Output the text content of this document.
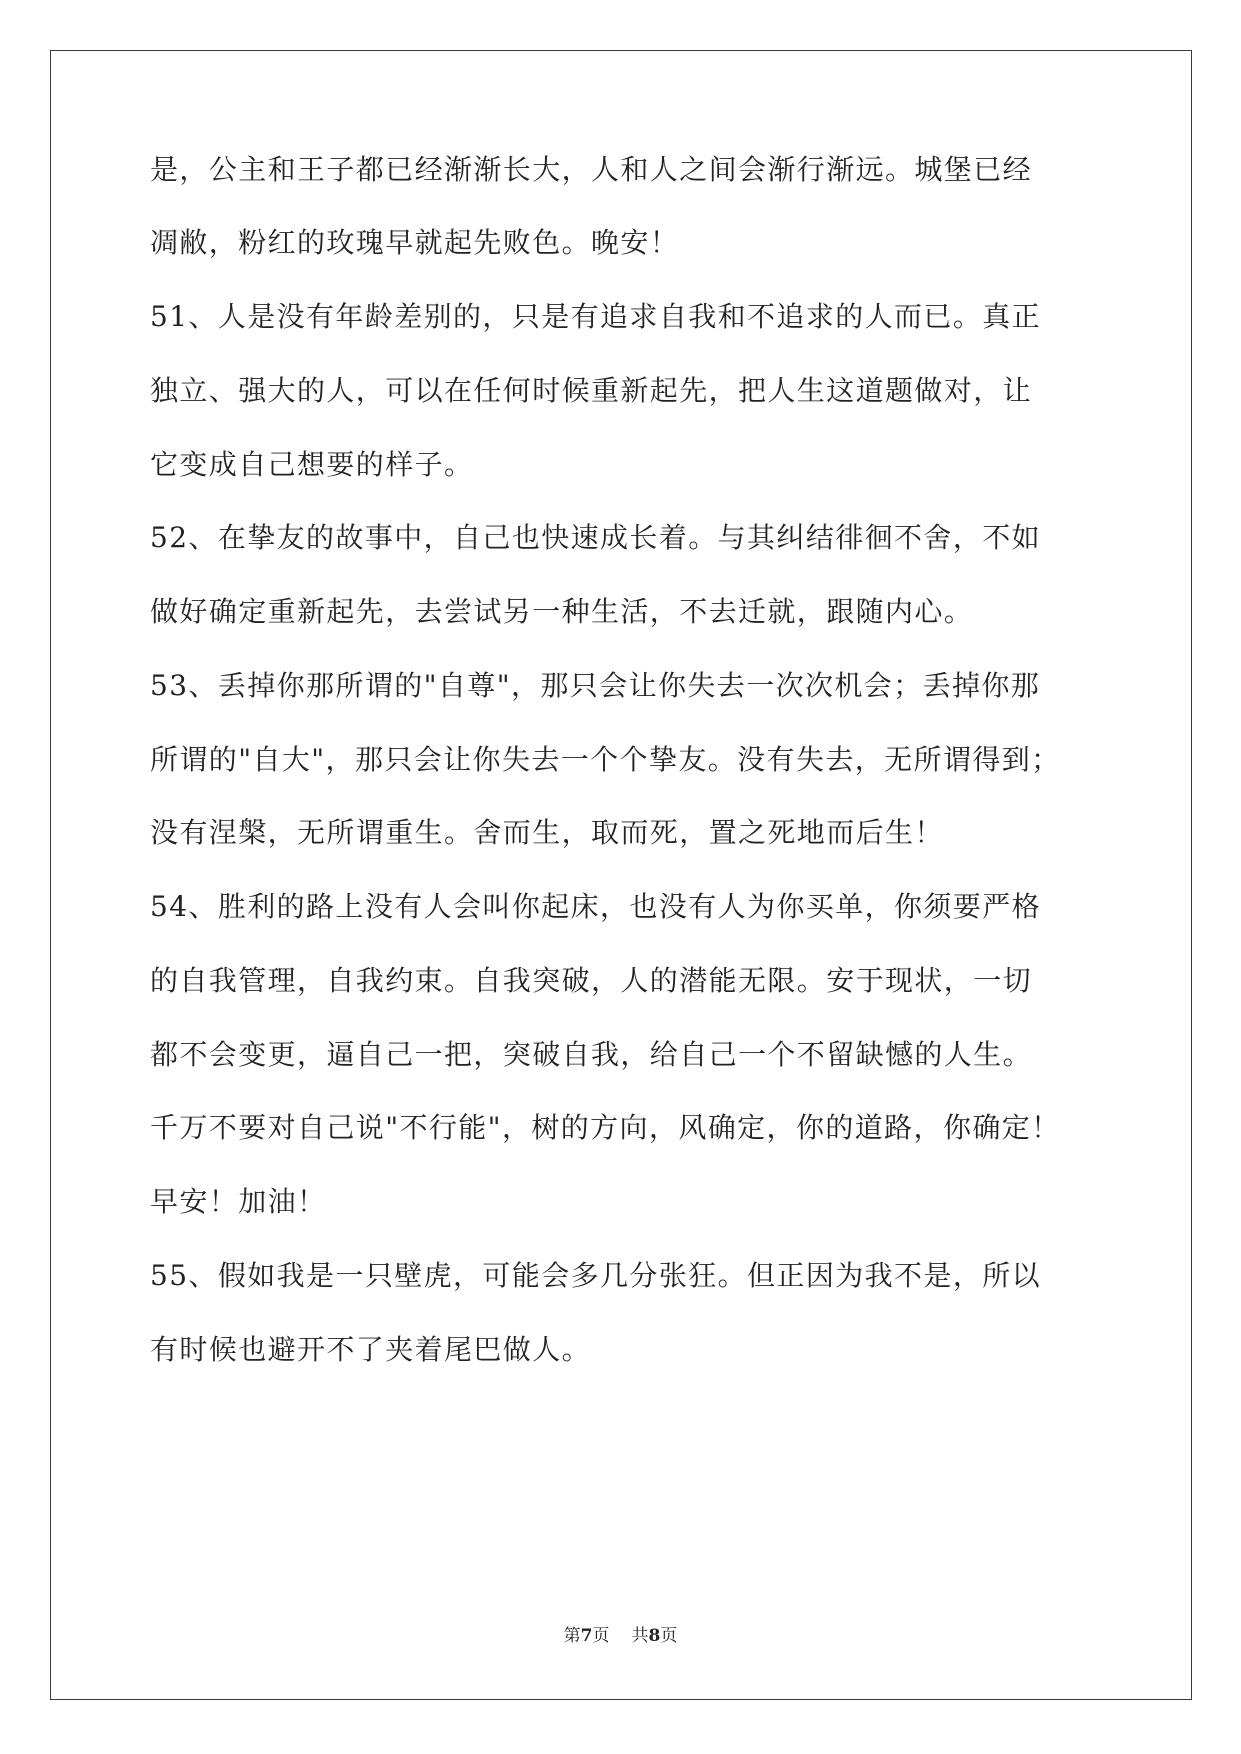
是，公主和王子都已经渐渐长大，人和人之间会渐行渐远。城堡已经
凋敝，粉红的玫瑰早就起先败色。晚安！
51、人是没有年龄差别的，只是有追求自我和不追求的人而已。真正
独立、强大的人，可以在任何时候重新起先，把人生这道题做对，让
它变成自己想要的样子。
52、在挚友的故事中，自己也快速成长着。与其纠结徘徊不舍，不如
做好确定重新起先，去尝试另一种生活，不去迁就，跟随内心。
53、丢掉你那所谓的"自尊"，那只会让你失去一次次机会；丢掉你那
所谓的"自大"，那只会让你失去一个个挚友。没有失去，无所谓得到；
没有涅槃，无所谓重生。舍而生，取而死，置之死地而后生！
54、胜利的路上没有人会叫你起床，也没有人为你买单，你须要严格
的自我管理，自我约束。自我突破，人的潜能无限。安于现状，一切
都不会变更，逼自己一把，突破自我，给自己一个不留缺憾的人生。
千万不要对自己说"不行能"，树的方向，风确定，你的道路，你确定！
早安！加油！
55、假如我是一只壁虎，可能会多几分张狂。但正因为我不是，所以
有时候也避开不了夹着尾巴做人。
第7页 共8页
